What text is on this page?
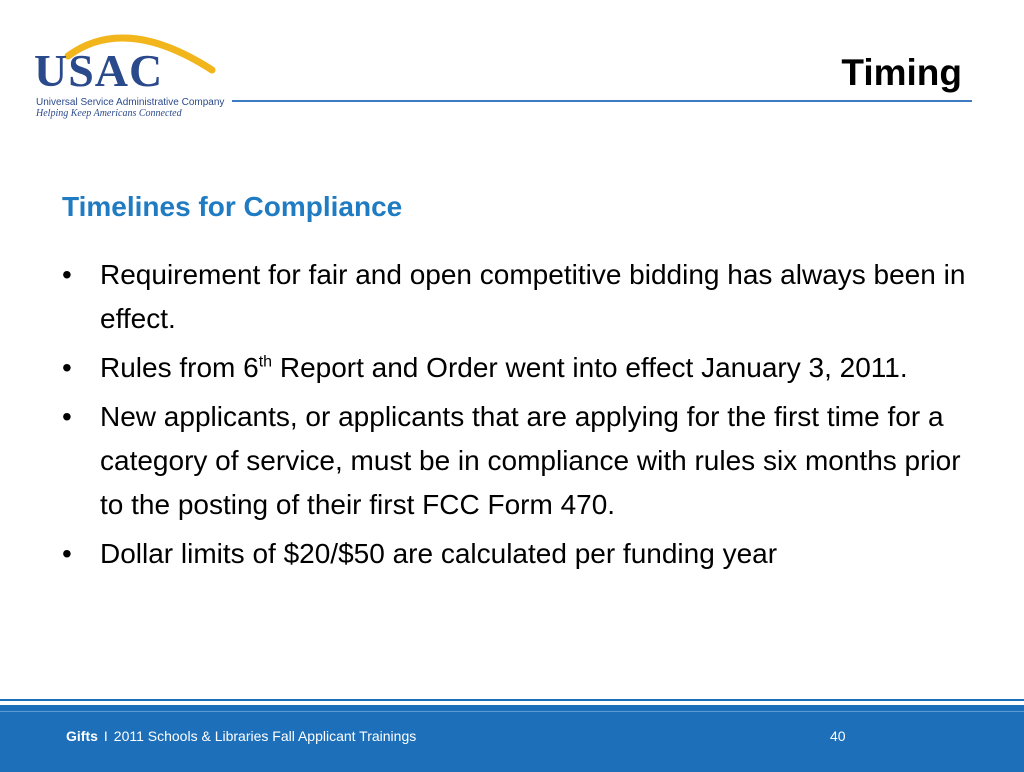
USAC
Universal Service Administrative Company
Helping Keep Americans Connected
Timing
Timelines for Compliance
• Requirement for fair and open competitive bidding has always been in effect.
• Rules from 6th Report and Order went into effect January 3, 2011.
• New applicants, or applicants that are applying for the first time for a category of service, must be in compliance with rules six months prior to the posting of their first FCC Form 470.
• Dollar limits of $20/$50 are calculated per funding year
Gifts I 2011 Schools & Libraries Fall Applicant Trainings	40
